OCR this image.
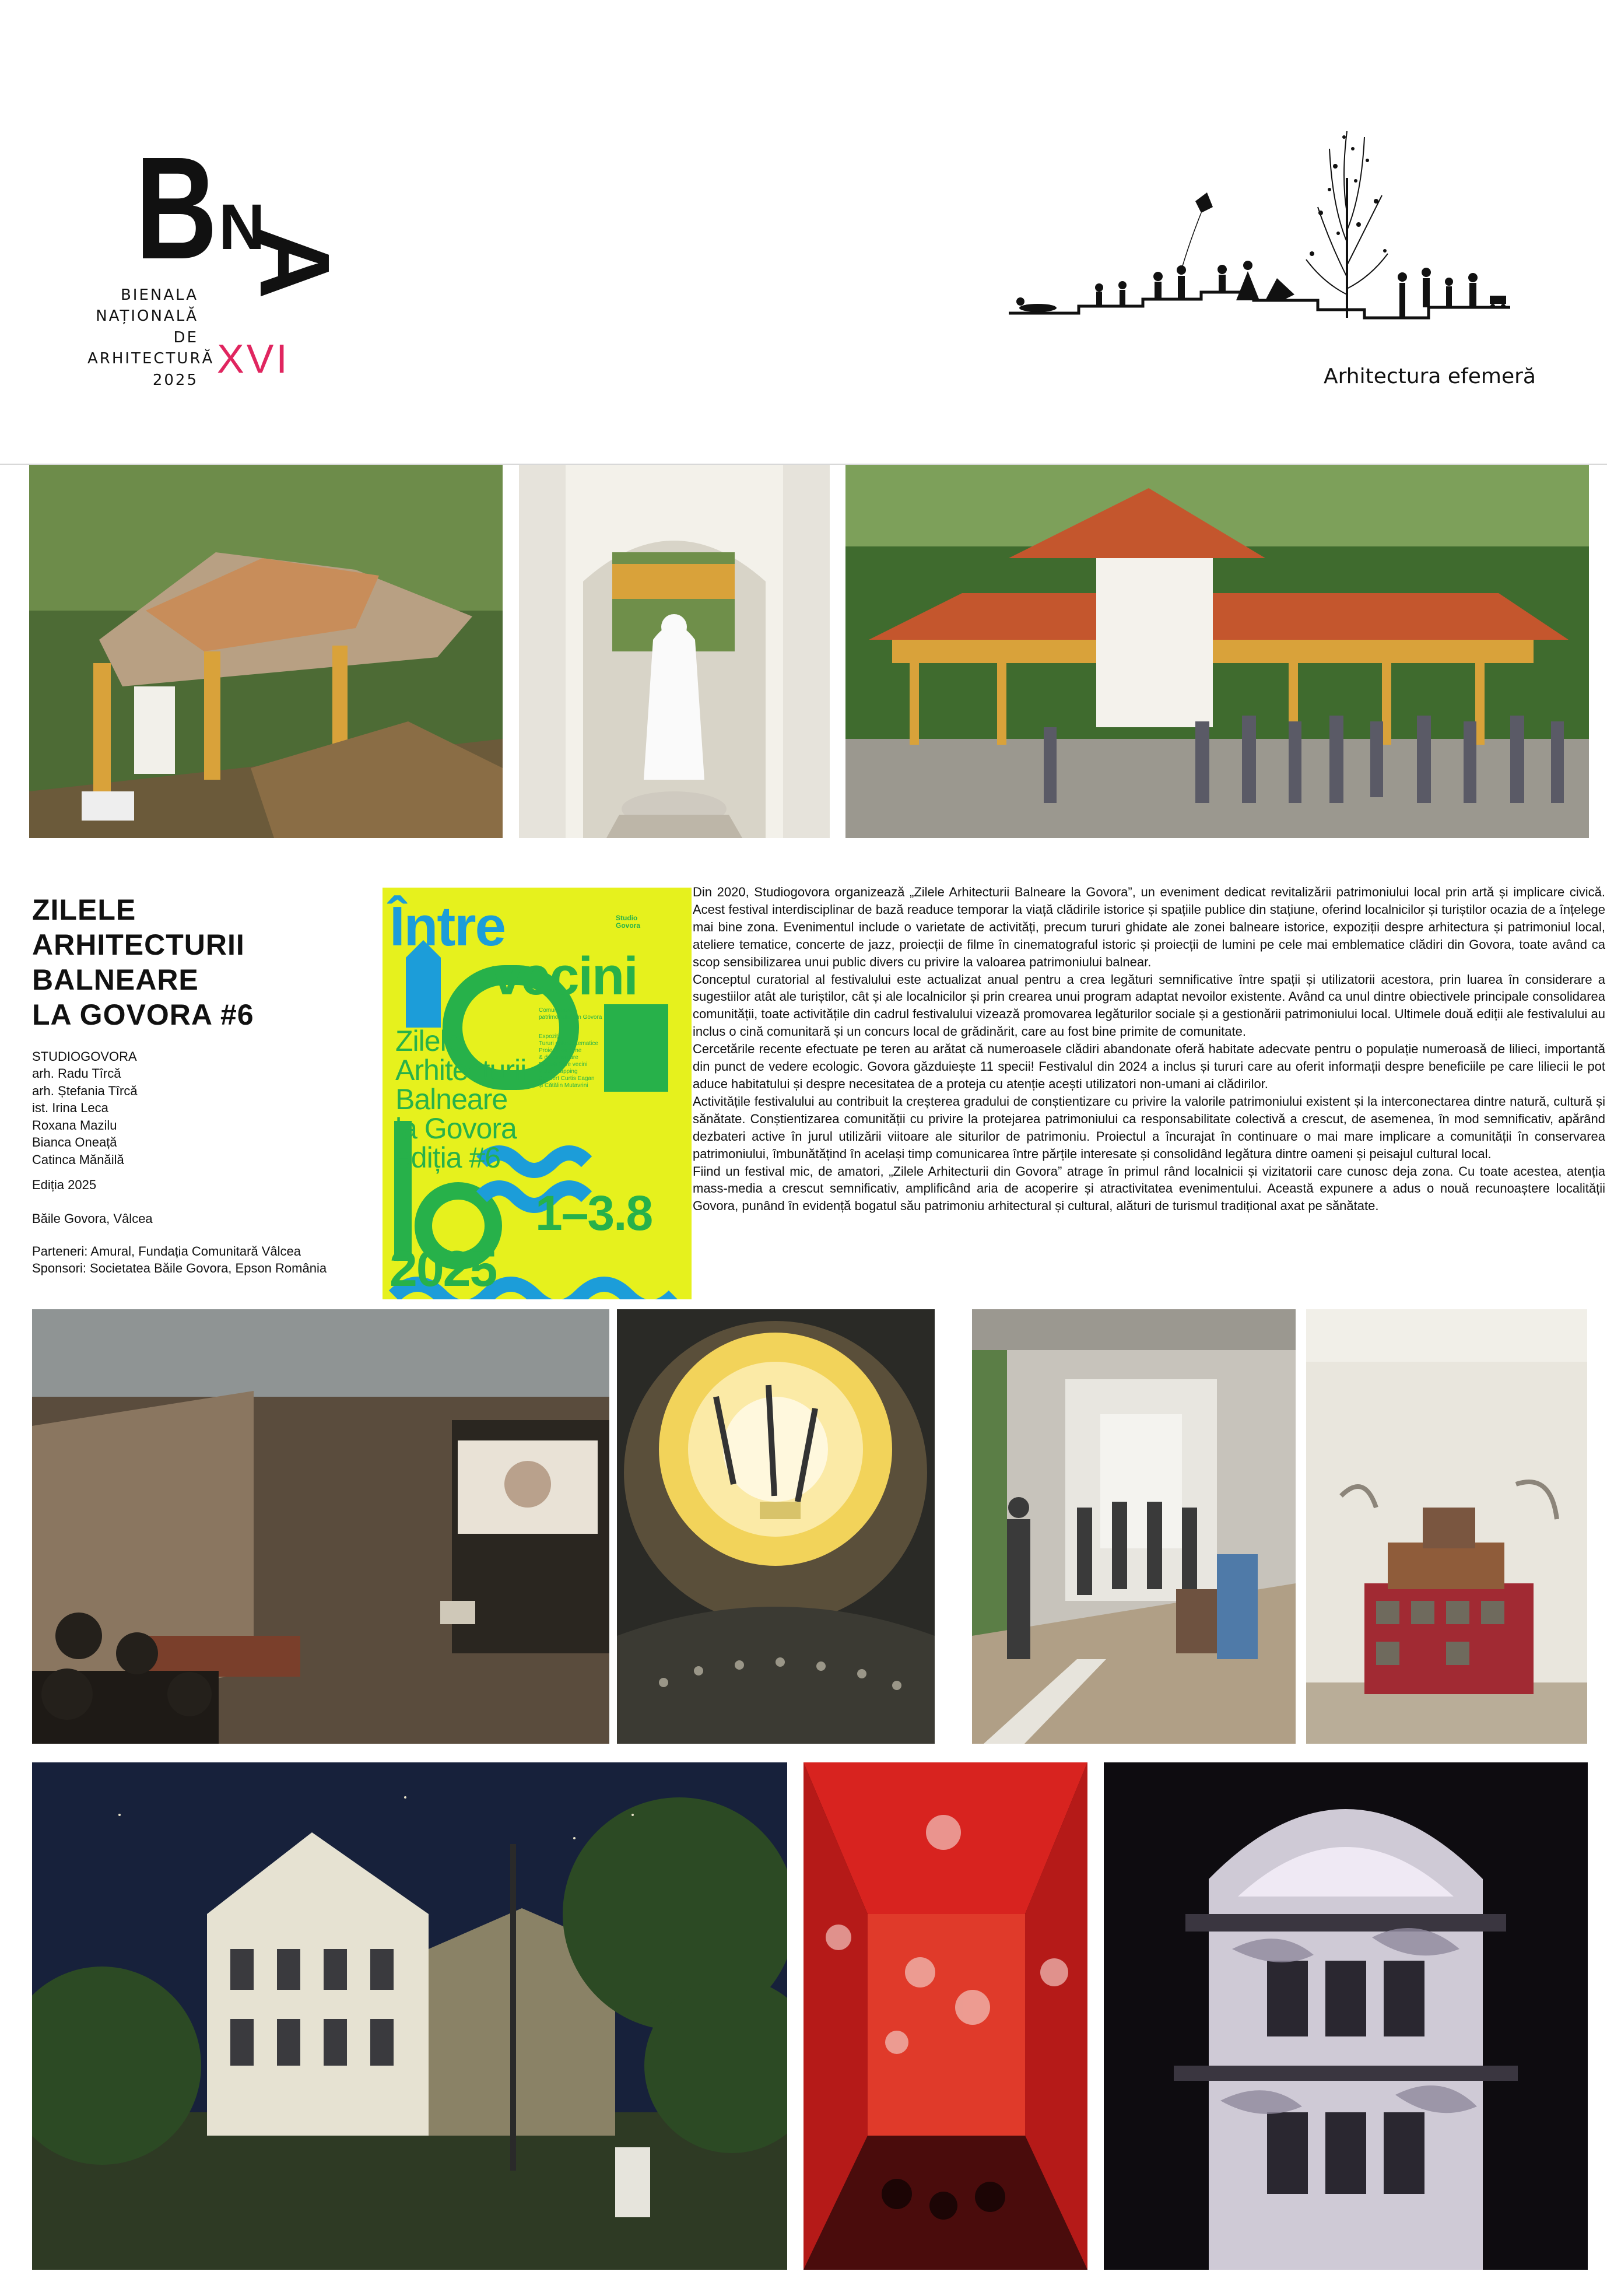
B N
A
BIENALA
NAȚIONALĂ
DE
ARHITECTURĂ
2025 XVI	Arhitectura efemeră
ZILELE
ARHITECTURII
BALNEARE
LA GOVORA #6
STUDIOGOVORA
arh. Radu Tîrcă
arh. Ștefania Tîrcă
ist. Irina Leca
Roxana Mazilu
Bianca Oneață
Catinca Mănăilă
Ediția 2025
Băile Govora, Vâlcea
Parteneri: Amural, Fundația Comunitară Vâlcea
Sponsori: Societatea Băile Govora, Epson România
Între
vecini
Studio Govora
Comunitatea patrimoniului din Govora
Expoziții
Tururi ghidate tematice
Proiecții de filme
& documentare
Discuții între vecini
Video mapping
Concert Curtis Eagan
și Cătălin Mutavrini
Zilele
Arhitecturii
Balneare
la Govora
ediția #6
1–3.8
2025

Din 2020, Studiogovora organizează „Zilele Arhitecturii Balneare la Govora”, un eveniment dedicat revitalizării patrimoniului local prin artă și implicare civică. Acest festival interdisciplinar de bază readuce temporar la viață clădirile istorice și spațiile publice din stațiune, oferind localnicilor și turiștilor ocazia de a înțelege mai bine zona. Evenimentul include o varietate de activități, precum tururi ghidate ale zonei balneare istorice, expoziții despre arhitectura și patrimoniul local, ateliere tematice, concerte de jazz, proiecții de filme în cinematograful istoric și proiecții de lumini pe cele mai emblematice clădiri din Govora, toate având ca scop sensibilizarea unui public divers cu privire la valoarea patrimoniului balnear.

Conceptul curatorial al festivalului este actualizat anual pentru a crea legături semnificative între spații și utilizatorii acestora, prin luarea în considerare a sugestiilor atât ale turiștilor, cât și ale localnicilor și prin crearea unui program adaptat nevoilor existente. Având ca unul dintre obiectivele principale consolidarea comunității, toate activitățile din cadrul festivalului vizează promovarea legăturilor sociale și a gestionării patrimoniului local. Ultimele două ediții ale festivalului au inclus o cină comunitară și un concurs local de grădinărit, care au fost bine primite de comunitate.

Cercetările recente efectuate pe teren au arătat că numeroasele clădiri abandonate oferă habitate adecvate pentru o populație numeroasă de lilieci, importantă din punct de vedere ecologic. Govora găzduiește 11 specii! Festivalul din 2024 a inclus și tururi care au oferit informații despre beneficiile pe care liliecii le pot aduce habitatului și despre necesitatea de a proteja cu atenție acești utilizatori non-umani ai clădirilor.

Activitățile festivalului au contribuit la creșterea gradului de conștientizare cu privire la valorile patrimoniului existent și la interconectarea dintre natură, cultură și sănătate. Conștientizarea comunității cu privire la protejarea patrimoniului ca responsabilitate colectivă a crescut, de asemenea, în mod semnificativ, apărând dezbateri active în jurul utilizării viitoare ale siturilor de patrimoniu. Proiectul a încurajat în continuare o mai mare implicare a comunității în conservarea patrimoniului, îmbunătățind în același timp comunicarea între părțile interesate și consolidând legătura dintre oameni și peisajul cultural local.

Fiind un festival mic, de amatori, „Zilele Arhitecturii din Govora” atrage în primul rând localnicii și vizitatorii care cunosc deja zona. Cu toate acestea, atenția mass-media a crescut semnificativ, amplificând aria de acoperire și atractivitatea evenimentului. Această expunere a adus o nouă recunoaștere localității Govora, punând în evidență bogatul său patrimoniu arhitectural și cultural, alături de turismul tradițional axat pe sănătate.
